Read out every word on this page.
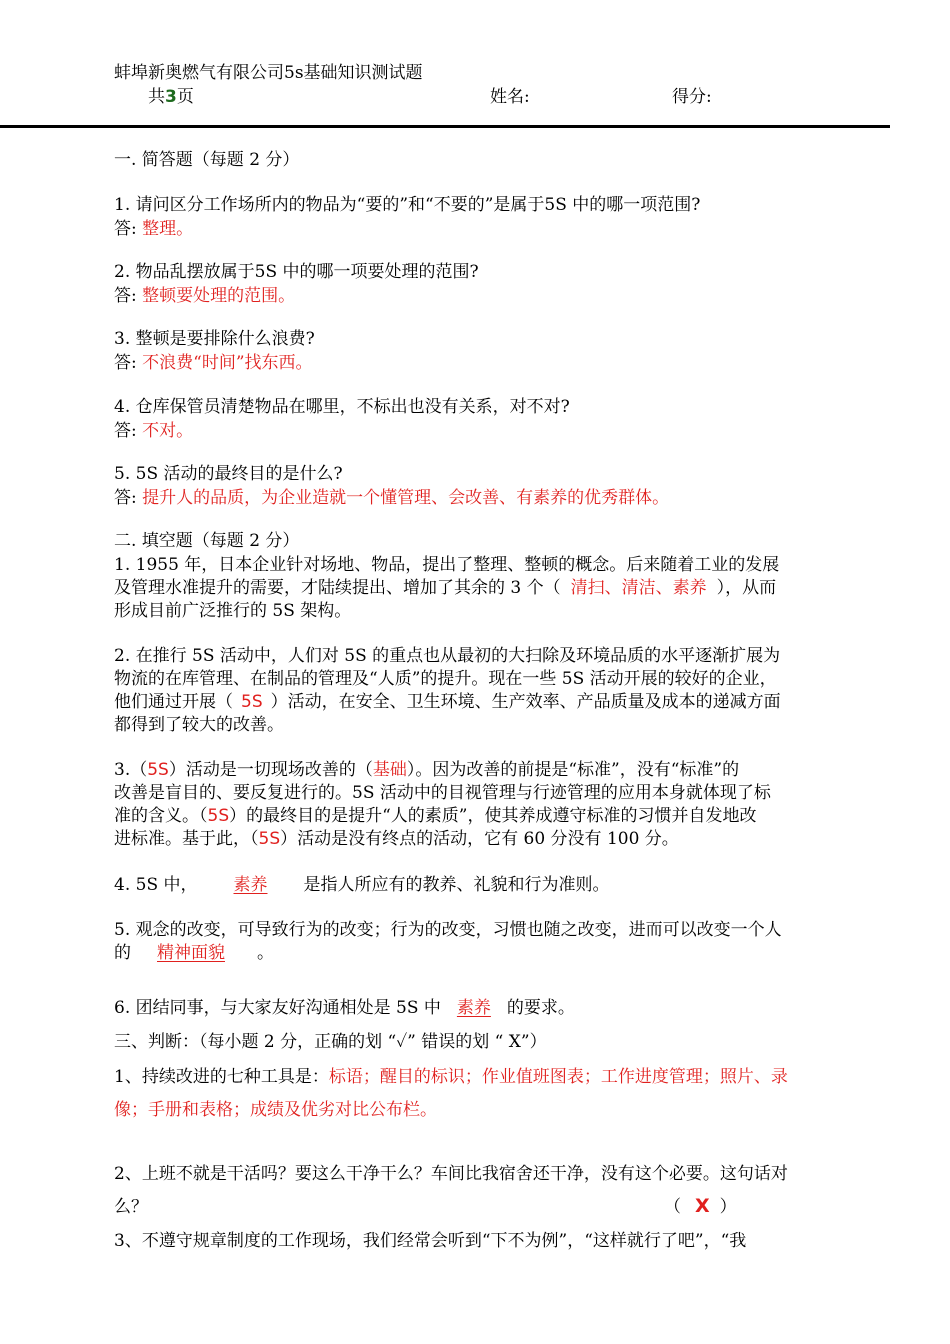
蚌埠新奥燃气有限公司5s基础知识测试题
共3页	姓名:	得分:
一. 简答题（每题 2 分）
1. 请问区分工作场所内的物品为“要的”和“不要的”是属于5S 中的哪一项范围?
答: 整理。
2. 物品乱摆放属于5S 中的哪一项要处理的范围?
答: 整顿要处理的范围。
3. 整顿是要排除什么浪费?
答: 不浪费“时间”找东西。
4. 仓库保管员清楚物品在哪里，不标出也没有关系，对不对?
答: 不对。
5. 5S 活动的最终目的是什么?
答: 提升人的品质，为企业造就一个懂管理、会改善、有素养的优秀群体。
二. 填空题（每题 2 分）
1. 1955 年，日本企业针对场地、物品，提出了整理、整顿的概念。后来随着工业的发展
及管理水准提升的需要，才陆续提出、增加了其余的 3 个（ 清扫、清洁、素养 ），从而
形成目前广泛推行的 5S 架构。
2. 在推行 5S 活动中，人们对 5S 的重点也从最初的大扫除及环境品质的水平逐渐扩展为
物流的在库管理、在制品的管理及“人质”的提升。现在一些 5S 活动开展的较好的企业，
他们通过开展（ 5S ）活动，在安全、卫生环境、生产效率、产品质量及成本的递减方面
都得到了较大的改善。
3.（5S）活动是一切现场改善的（基础）。因为改善的前提是“标准”，没有“标准”的
改善是盲目的、要反复进行的。5S 活动中的目视管理与行迹管理的应用本身就体现了标
准的含义。（5S）的最终目的是提升“人的素质”，使其养成遵守标准的习惯并自发地改
进标准。基于此，（5S）活动是没有终点的活动，它有 60 分没有 100 分。
4. 5S 中， 素养 是指人所应有的教养、礼貌和行为准则。
5. 观念的改变，可导致行为的改变；行为的改变，习惯也随之改变，进而可以改变一个人
的 精神面貌 。
6. 团结同事，与大家友好沟通相处是 5S 中 素养 的要求。
三、判断：（每小题 2 分，正确的划 “✓” 错误的划 “ X”）
1、持续改进的七种工具是：标语；醒目的标识；作业值班图表；工作进度管理；照片、录
像；手册和表格；成绩及优劣对比公布栏。
2、上班不就是干活吗？要这么干净干么？车间比我宿舍还干净，没有这个必要。这句话对
么？	（ X ）
3、不遵守规章制度的工作现场，我们经常会听到“下不为例”，“这样就行了吧”，“我
